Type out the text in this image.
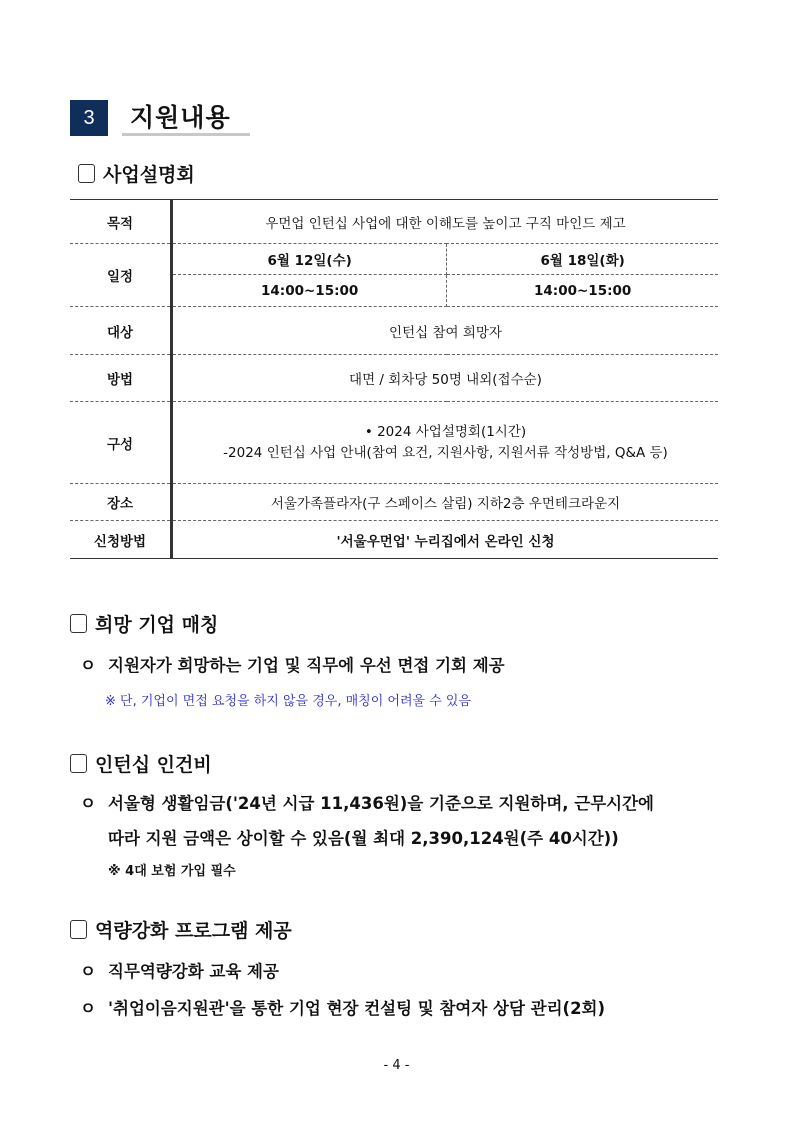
3	지원내용
사업설명회
목적	우먼업 인턴십 사업에 대한 이해도를 높이고 구직 마인드 제고	
일정	6월 12일(수)	6월 18일(화)
	14:00~15:00	14:00~15:00
대상	인턴십 참여 희망자	
방법	대면 / 회차당 50명 내외(접수순)	
구성	• 2024 사업설명회(1시간)
-2024 인턴십 사업 안내(참여 요건, 지원사항, 지원서류 작성방법, Q&A 등)	

장소	서울가족플라자(구 스페이스 살림) 지하2층 우먼테크라운지	
신청방법	'서울우먼업' 누리집에서 온라인 신청	
희망 기업 매칭
ㅇ 지원자가 희망하는 기업 및 직무에 우선 면접 기회 제공
※ 단, 기업이 면접 요청을 하지 않을 경우, 매칭이 어려울 수 있음
인턴십 인건비
ㅇ 서울형 생활임금('24년 시급 11,436원)을 기준으로 지원하며, 근무시간에
따라 지원 금액은 상이할 수 있음(월 최대 2,390,124원(주 40시간))
※ 4대 보험 가입 필수
역량강화 프로그램 제공
ㅇ 직무역량강화 교육 제공
ㅇ '취업이음지원관'을 통한 기업 현장 컨설팅 및 참여자 상담 관리(2회)
- 4 -
